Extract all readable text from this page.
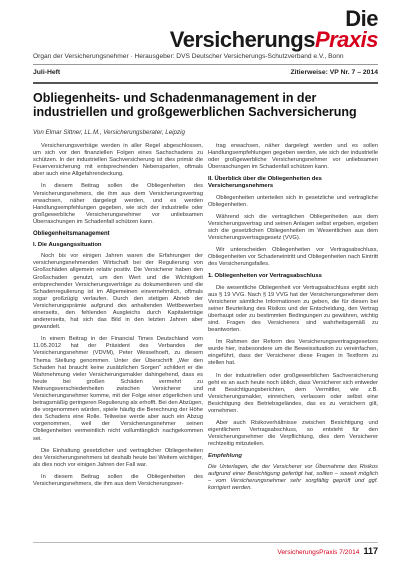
Die
VersicherungsPraxis
Organ der Versicherungsnehmer · Herausgeber: DVS Deutscher Versicherungs-Schutzverband e.V., Bonn
Juli-Heft	Zitierweise: VP Nr. 7 – 2014
Obliegenheits- und Schadenmanagement in der industriellen und großgewerblichen Sachversicherung
Von Elmar Sittner, LL.M., Versicherungsberater, Leipzig

Versicherungsverträge werden in aller Regel abgeschlossen, um sich vor den finanziellen Folgen eines Sachschadens zu schützen. In der industriellen Sachversicherung ist dies primär die Feuerversicherung mit entsprechenden Nebensparten, oftmals aber auch eine Allgefahrendeckung.

In diesem Beitrag sollen die Obliegenheiten des Versicherungsnehmers, die ihm aus dem Versicherungsvertrag erwachsen, näher dargelegt werden, und es werden Handlungsempfehlungen gegeben, wie sich der industrielle oder großgewerbliche Versicherungsnehmer vor unliebsamen Überraschungen im Schadenfall schützen kann.

Obliegenheitsmanagement
I. Die Ausgangssituation

Noch bis vor einigen Jahren waren die Erfahrungen der versicherungsnehmenden Wirtschaft bei der Regulierung von Großschäden allgemein relativ positiv. Die Versicherer haben den Großschaden genutzt, um den Wert und die Wichtigkeit entsprechender Versicherungsverträge zu dokumentieren und die Schadenregulierung ist im Allgemeinen einvernehmlich, oftmals sogar großzügig verlaufen. Durch den stetigen Abrieb der Versicherungsprämie aufgrund des anhaltenden Wettbewerbes einerseits, den fehlenden Ausgleichs durch Kapitalerträge andererseits, hat sich das Bild in den letzten Jahren aber gewandelt.

In einem Beitrag in der Financial Times Deutschland vom 11.05.2012 hat der Präsident des Verbandes der Versicherungsnehmer (VDVM), Peter Wesselhoeft, zu diesem Thema Stellung genommen. Unter der Überschrift „Wer den Schaden hat braucht keine zusätzlichen Sorgen“ schildert er die Wahrnehmung vieler Versicherungsmakler dahingehend, dass es heute bei großen Schäden vermehrt zu Meinungsverschiedenheiten zwischen Versicherer und Versicherungsnehmer komme, mit der Folge einer zögerlichen und betragsmäßig geringeren Regulierung als erhofft. Bei den Abzügen, die vorgenommen würden, spiele häufig die Berechnung der Höhe des Schadens eine Rolle. Teilweise werde aber auch ein Abzug vorgenommen, weil der Versicherungsnehmer seinen Obliegenheiten vermeintlich nicht vollumfänglich nachgekommen sei.

Die Einhaltung gesetzlicher und vertraglicher Obliegenheiten des Versicherungsnehmers ist deshalb heute bei Weitem wichtiger, als dies noch vor einigen Jahren der Fall war.

In diesem Beitrag sollen die Obliegenheiten des Versicherungsnehmers, die ihm aus dem Versicherungsver-

trag erwachsen, näher dargelegt werden und es sollen Handlungsempfehlungen gegeben werden, wie sich der industrielle oder großgewerbliche Versicherungsnehmer vor unliebsamen Überraschungen im Schadenfall schützen kann.

II. Überblick über die Obliegenheiten des Versicherungsnehmers

Obliegenheiten unterteilen sich in gesetzliche und vertragliche Obliegenheiten.

Während sich die vertraglichen Obliegenheiten aus dem Versicherungsvertrag und seinen Anlagen selbst ergeben, ergeben sich die gesetzlichen Obliegenheiten im Wesentlichen aus dem Versicherungsvertragsgesetz (VVG).

Wir unterscheiden Obliegenheiten vor Vertragsabschluss, Obliegenheiten vor Schadeneintritt und Obliegenheiten nach Eintritt des Versicherungsfalles.

1. Obliegenheiten vor Vertragsabschluss

Die wesentliche Obliegenheit vor Vertragsabschluss ergibt sich aus § 19 VVG. Nach § 19 VVG hat der Versicherungsnehmer dem Versicherer sämtliche Informationen zu geben, die für diesen bei seiner Beurteilung des Risikos und der Entscheidung, den Vertrag überhaupt oder zu bestimmten Bedingungen zu gewähren, wichtig sind. Fragen des Versicherers sind wahrheitsgemäß zu beantworten.

Im Rahmen der Reform des Versicherungsvertragsgesetzes wurde hier, insbesondere um die Beweissituation zu vereinfachen, eingeführt, dass der Versicherer diese Fragen in Textform zu stellen hat.

In der industriellen oder großgewerblichen Sachversicherung geht es an auch heute noch üblich, dass Versicherer sich entweder mit Besichtigungsberichten, dem Vermittler, wie z.B. Versicherungsmakler, einreichen, verlassen oder selbst eine Besichtigung des Betriebsgeländes, das es zu versichern gilt, vornehmen.

Aber auch Risikoverhältnisse zwischen Besichtigung und eigentlichem Vertragsabschluss, so entsteht für den Versicherungsnehmer die Verpflichtung, dies dem Versicherer rechtzeitig mitzuteilen.

Empfehlung

Die Unterlagen, die der Versicherer vor Übernahme des Risikos aufgrund einer Besichtigung gefertigt hat, sollten – soweit möglich – vom Versicherungsnehmer sehr sorgfältig geprüft und ggf. korrigiert werden.

VersicherungsPraxis 7/2014 117
